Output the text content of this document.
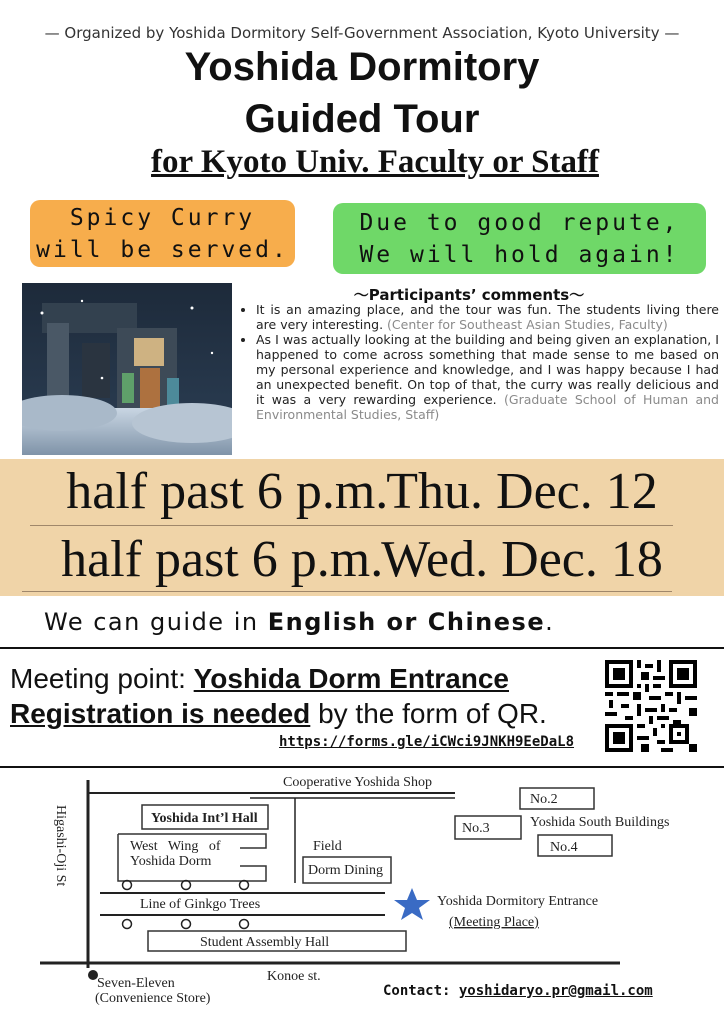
— Organized by Yoshida Dormitory Self-Government Association, Kyoto University —
Yoshida Dormitory
Guided Tour
for Kyoto Univ. Faculty or Staff
Spicy Curry
will be served.
Due to good repute,
We will hold again!
～Participants’ comments～
• It is an amazing place, and the tour was fun. The students living there are very interesting. (Center for Southeast Asian Studies, Faculty)
• As I was actually looking at the building and being given an explanation, I happened to come across something that made sense to me based on my personal experience and knowledge, and I was happy because I had an unexpected benefit. On top of that, the curry was really delicious and it was a very rewarding experience. (Graduate School of Human and Environmental Studies, Staff)
half past 6 p.m.
Thu. Dec. 12
half past 6 p.m.
Wed. Dec. 18
We can guide in English or Chinese.
Meeting point: Yoshida Dorm Entrance
Registration is needed by the form of QR.
https://forms.gle/iCWci9JNKH9EeDaL8
Cooperative Yoshida Shop
Yoshida Int’l Hall
West   Wing   of
Yoshida Dorm
Field
Dorm Dining
Line of Ginkgo Trees
Student Assembly Hall
No.2
No.3	Yoshida South Buildings
No.4
Yoshida Dormitory Entrance
(Meeting Place)
Higashi-Oji St
Seven-Eleven
(Convenience Store)
Konoe st.
Contact: yoshidaryo.pr@gmail.com
